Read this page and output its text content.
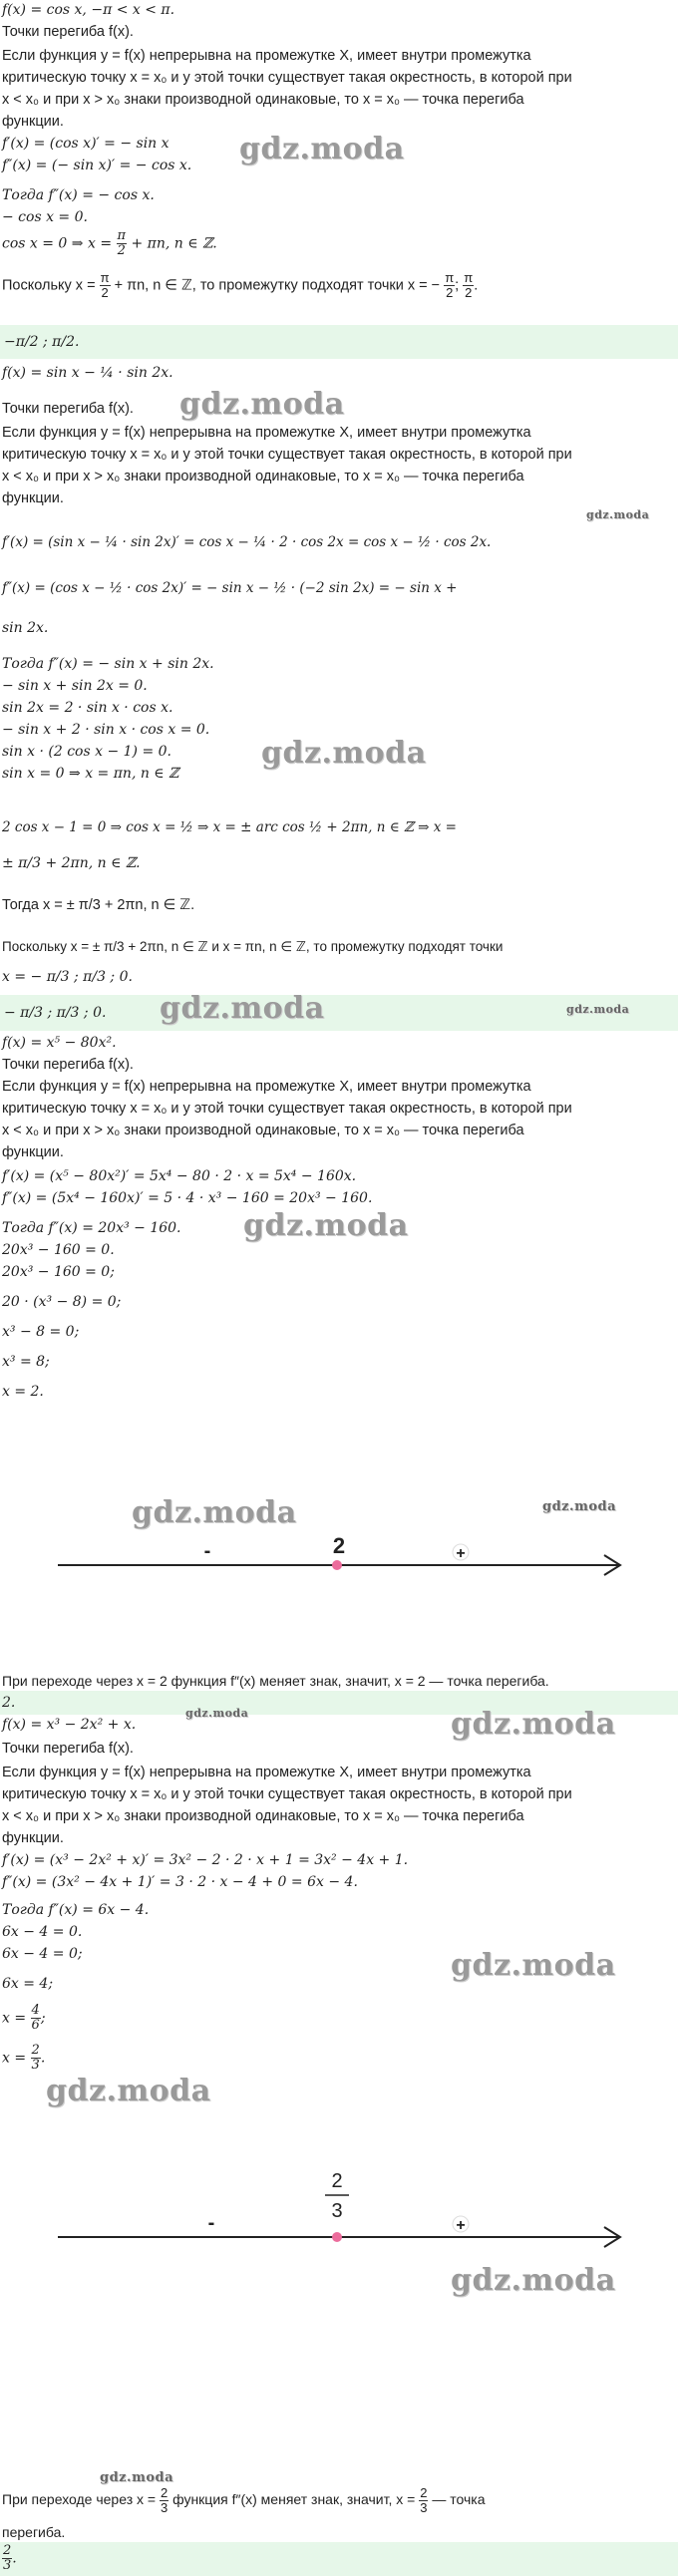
f(x) = cos x, −π < x < π.
Точки перегиба f(x).
Если функция y = f(x) непрерывна на промежутке X, имеет внутри промежутка
критическую точку x = x₀ и у этой точки существует такая окрестность, в которой при
x < x₀ и при x > x₀ знаки производной одинаковые, то x = x₀ — точка перегиба
функции.
f′(x) = (cos x)′ = − sin x
f″(x) = (− sin x)′ = − cos x.	gdz.moda
Тогда f″(x) = − cos x.
− cos x = 0.
cos x = 0 ⇒ $x = \frac{\pi}{2} + \pi n$, n ∈ ℤ.
Поскольку $x = \frac{\pi}{2} + \pi n$, n ∈ ℤ, то промежутку подходят точки x = − $\frac{\pi}{2}$ ; $\frac{\pi}{2}$ .
−π/2 ; π/2.
f(x) = sin x − ¼ · sin 2x.
gdz.moda
Точки перегиба f(x).
Если функция y = f(x) непрерывна на промежутке X, имеет внутри промежутка
критическую точку x = x₀ и у этой точки существует такая окрестность, в которой при
x < x₀ и при x > x₀ знаки производной одинаковые, то x = x₀ — точка перегиба
функции.
gdz.moda
f′(x) = (sin x − ¼ · sin 2x)′ = cos x − ¼ · 2 · cos 2x = cos x − ½ · cos 2x.
f″(x) = (cos x − ½ · cos 2x)′ = − sin x − ½ · (−2 sin 2x) = − sin x +
sin 2x.
Тогда f″(x) = − sin x + sin 2x.
− sin x + sin 2x = 0.
sin 2x = 2 · sin x · cos x.
− sin x + 2 · sin x · cos x = 0.
gdz.moda
sin x · (2 cos x − 1) = 0.
sin x = 0 ⇒ x = πn, n ∈ ℤ
2 cos x − 1 = 0 ⇒ cos x = ½ ⇒ x = ± arc cos ½ + 2πn, n ∈ ℤ ⇒ x =
± π/3 + 2πn, n ∈ ℤ.
Тогда x = ± π/3 + 2πn, n ∈ ℤ.
Поскольку x = ± π/3 + 2πn, n ∈ ℤ и x = πn, n ∈ ℤ, то промежутку подходят точки
x = − π/3 ; π/3 ; 0.
− π/3 ; π/3 ; 0.	gdz.moda	gdz.moda
f(x) = x⁵ − 80x².
Точки перегиба f(x).
Если функция y = f(x) непрерывна на промежутке X, имеет внутри промежутка
критическую точку x = x₀ и у этой точки существует такая окрестность, в которой при
x < x₀ и при x > x₀ знаки производной одинаковые, то x = x₀ — точка перегиба
функции.
f′(x) = (x⁵ − 80x²)′ = 5x⁴ − 80 · 2 · x = 5x⁴ − 160x.
f″(x) = (5x⁴ − 160x)′ = 5 · 4 · x³ − 160 = 20x³ − 160.
gdz.moda
Тогда f″(x) = 20x³ − 160.
20x³ − 160 = 0.
20x³ − 160 = 0;
20 · (x³ − 8) = 0;
x³ − 8 = 0;
x³ = 8;
x = 2.
gdz.moda	gdz.moda
2
-	+
При переходе через x = 2 функция f″(x) меняет знак, значит, x = 2 — точка перегиба.
2.
f(x) = x³ − 2x² + x.
gdz.moda	gdz.moda
Точки перегиба f(x).
Если функция y = f(x) непрерывна на промежутке X, имеет внутри промежутка
критическую точку x = x₀ и у этой точки существует такая окрестность, в которой при
x < x₀ и при x > x₀ знаки производной одинаковые, то x = x₀ — точка перегиба
функции.
f′(x) = (x³ − 2x² + x)′ = 3x² − 2 · 2 · x + 1 = 3x² − 4x + 1.
f″(x) = (3x² − 4x + 1)′ = 3 · 2 · x − 4 + 0 = 6x − 4.
Тогда f″(x) = 6x − 4.
6x − 4 = 0.
6x − 4 = 0;	gdz.moda
6x = 4;
$x = \frac{4}{6}$ ;
$x = \frac{2}{3}$ .
gdz.moda
2
3
-	+
gdz.moda
gdz.moda
При переходе через $x = \frac{2}{3}$ функция f″(x) меняет знак, значит, $x = \frac{2}{3}$ — точка
перегиба.
$\frac{2}{3}$ .
